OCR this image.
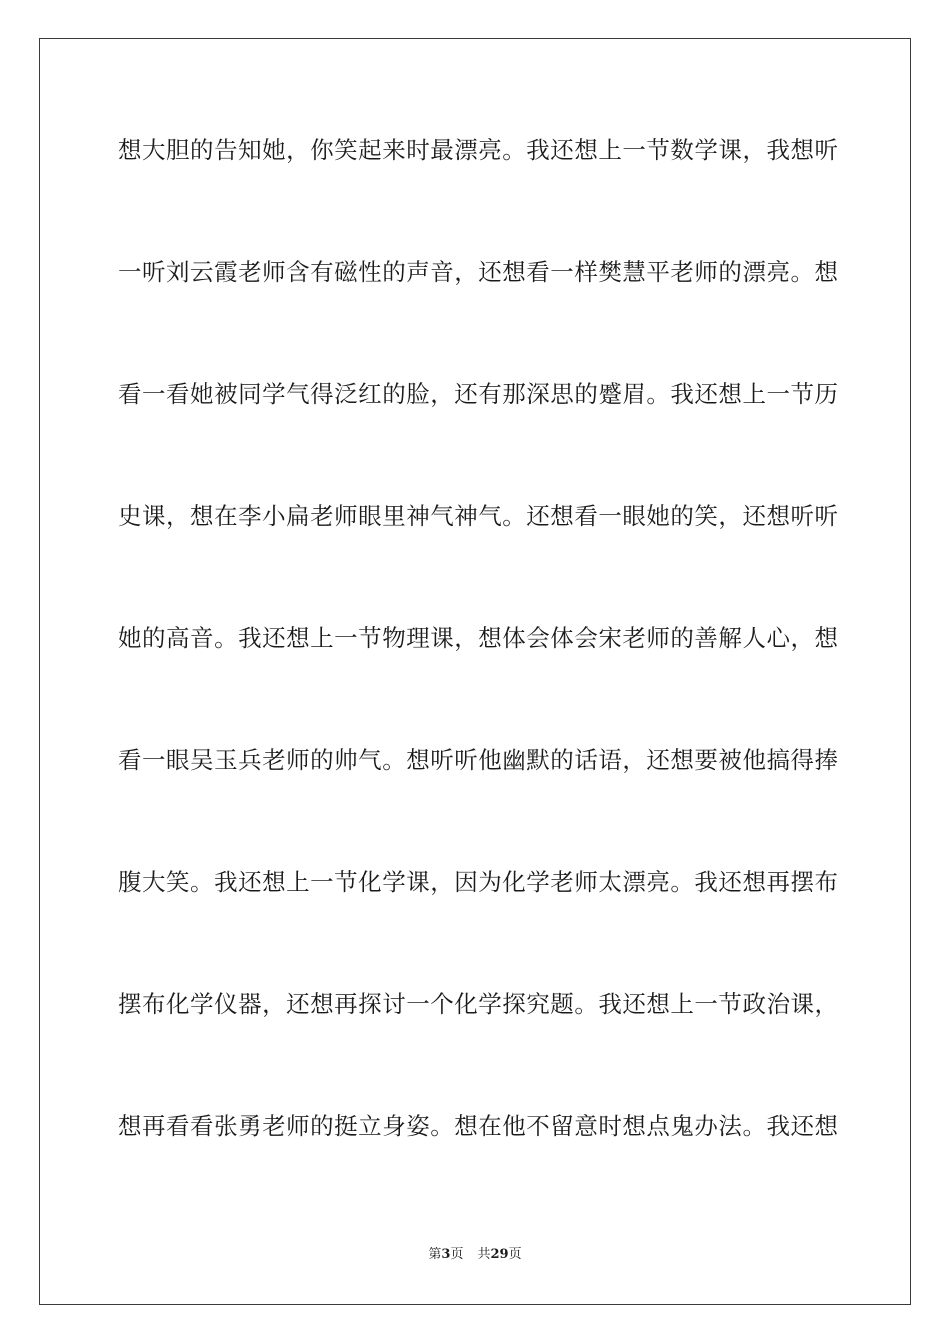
想大胆的告知她，你笑起来时最漂亮。我还想上一节数学课，我想听
一听刘云霞老师含有磁性的声音，还想看一样樊慧平老师的漂亮。想
看一看她被同学气得泛红的脸，还有那深思的蹙眉。我还想上一节历
史课，想在李小扁老师眼里神气神气。还想看一眼她的笑，还想听听
她的高音。我还想上一节物理课，想体会体会宋老师的善解人心，想
看一眼吴玉兵老师的帅气。想听听他幽默的话语，还想要被他搞得捧
腹大笑。我还想上一节化学课，因为化学老师太漂亮。我还想再摆布
摆布化学仪器，还想再探讨一个化学探究题。我还想上一节政治课，
想再看看张勇老师的挺立身姿。想在他不留意时想点鬼办法。我还想
第3页 共29页
